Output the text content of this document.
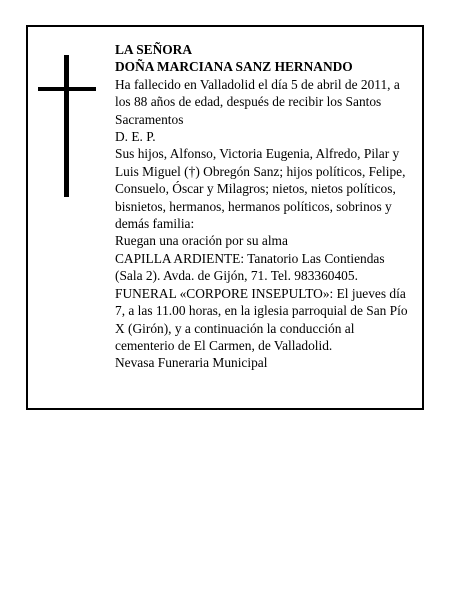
LA SEÑORA

DOÑA MARCIANA SANZ HERNANDO

Ha fallecido en Valladolid el día 5 de abril de 2011, a los 88 años de edad, después de recibir los Santos Sacramentos

D. E. P.

Sus hijos, Alfonso, Victoria Eugenia, Alfredo, Pilar y Luis Miguel (†) Obregón Sanz; hijos políticos, Felipe, Consuelo, Óscar y Milagros; nietos, nietos políticos, bisnietos, hermanos, hermanos políticos, sobrinos y demás familia:

Ruegan una oración por su alma

CAPILLA ARDIENTE: Tanatorio Las Contiendas (Sala 2). Avda. de Gijón, 71. Tel. 983360405.

FUNERAL «CORPORE INSEPULTO»: El jueves día 7, a las 11.00 horas, en la iglesia parroquial de San Pío X (Girón), y a continuación la conducción al cementerio de El Carmen, de Valladolid.

Nevasa Funeraria Municipal
